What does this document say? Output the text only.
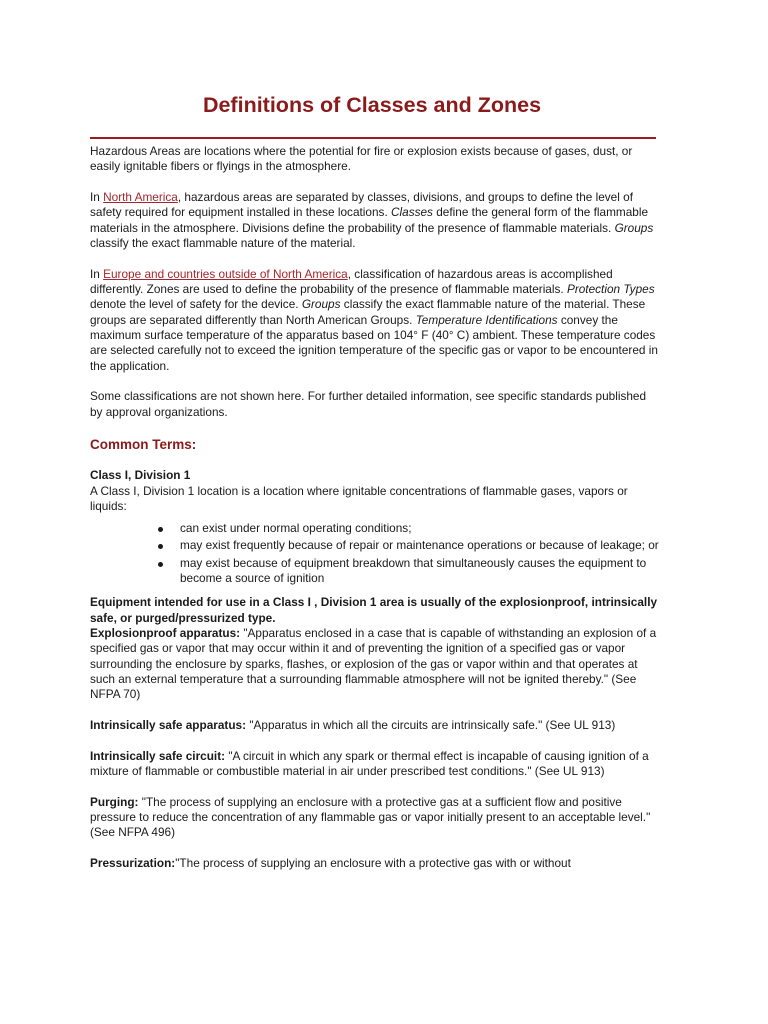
Definitions of Classes and Zones

Hazardous Areas are locations where the potential for fire or explosion exists because of gases, dust, or easily ignitable fibers or flyings in the atmosphere.

In North America, hazardous areas are separated by classes, divisions, and groups to define the level of safety required for equipment installed in these locations. Classes define the general form of the flammable materials in the atmosphere. Divisions define the probability of the presence of flammable materials. Groups classify the exact flammable nature of the material.

In Europe and countries outside of North America, classification of hazardous areas is accomplished differently. Zones are used to define the probability of the presence of flammable materials. Protection Types denote the level of safety for the device. Groups classify the exact flammable nature of the material. These groups are separated differently than North American Groups. Temperature Identifications convey the maximum surface temperature of the apparatus based on 104° F (40° C) ambient. These temperature codes are selected carefully not to exceed the ignition temperature of the specific gas or vapor to be encountered in the application.

Some classifications are not shown here. For further detailed information, see specific standards published by approval organizations.

Common Terms:

Class I, Division 1
A Class I, Division 1 location is a location where ignitable concentrations of flammable gases, vapors or liquids:

can exist under normal operating conditions;
may exist frequently because of repair or maintenance operations or because of leakage; or
may exist because of equipment breakdown that simultaneously causes the equipment to become a source of ignition

Equipment intended for use in a Class I , Division 1 area is usually of the explosionproof, intrinsically safe, or purged/pressurized type.
Explosionproof apparatus: "Apparatus enclosed in a case that is capable of withstanding an explosion of a specified gas or vapor that may occur within it and of preventing the ignition of a specified gas or vapor surrounding the enclosure by sparks, flashes, or explosion of the gas or vapor within and that operates at such an external temperature that a surrounding flammable atmosphere will not be ignited thereby." (See NFPA 70)

Intrinsically safe apparatus: "Apparatus in which all the circuits are intrinsically safe." (See UL 913)

Intrinsically safe circuit: "A circuit in which any spark or thermal effect is incapable of causing ignition of a mixture of flammable or combustible material in air under prescribed test conditions." (See UL 913)

Purging: "The process of supplying an enclosure with a protective gas at a sufficient flow and positive pressure to reduce the concentration of any flammable gas or vapor initially present to an acceptable level."
(See NFPA 496)

Pressurization:"The process of supplying an enclosure with a protective gas with or without
